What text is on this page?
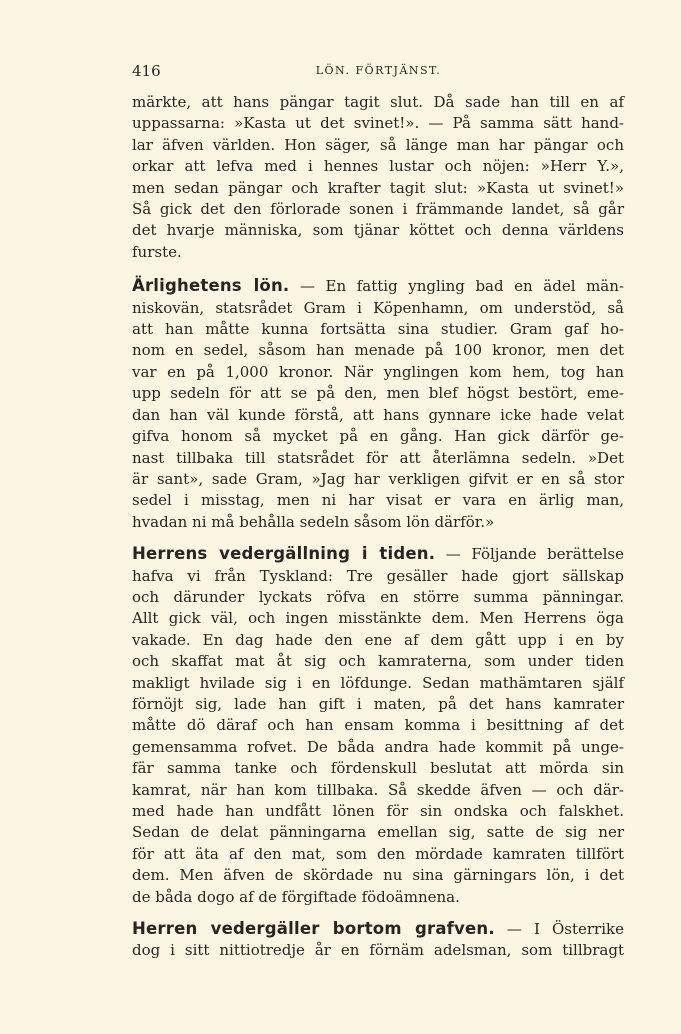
416	LÖN. FÖRTJÄNST.
märkte, att hans pängar tagit slut. Då sade han till en af
uppassarna: »Kasta ut det svinet!». — På samma sätt hand-
lar äfven världen. Hon säger, så länge man har pängar och
orkar att lefva med i hennes lustar och nöjen: »Herr Y.»,
men sedan pängar och krafter tagit slut: »Kasta ut svinet!»
Så gick det den förlorade sonen i främmande landet, så går
det hvarje människa, som tjänar köttet och denna världens
furste.
Ärlighetens lön. — En fattig yngling bad en ädel män-
niskovän, statsrådet Gram i Köpenhamn, om understöd, så
att han måtte kunna fortsätta sina studier. Gram gaf ho-
nom en sedel, såsom han menade på 100 kronor, men det
var en på 1,000 kronor. När ynglingen kom hem, tog han
upp sedeln för att se på den, men blef högst bestört, eme-
dan han väl kunde förstå, att hans gynnare icke hade velat
gifva honom så mycket på en gång. Han gick därför ge-
nast tillbaka till statsrådet för att återlämna sedeln. »Det
är sant», sade Gram, »Jag har verkligen gifvit er en så stor
sedel i misstag, men ni har visat er vara en ärlig man,
hvadan ni må behålla sedeln såsom lön därför.»
Herrens vedergällning i tiden. — Följande berättelse
hafva vi från Tyskland: Tre gesäller hade gjort sällskap
och därunder lyckats röfva en större summa pänningar.
Allt gick väl, och ingen misstänkte dem. Men Herrens öga
vakade. En dag hade den ene af dem gått upp i en by
och skaffat mat åt sig och kamraterna, som under tiden
makligt hvilade sig i en löfdunge. Sedan mathämtaren själf
förnöjt sig, lade han gift i maten, på det hans kamrater
måtte dö däraf och han ensam komma i besittning af det
gemensamma rofvet. De båda andra hade kommit på unge-
fär samma tanke och fördenskull beslutat att mörda sin
kamrat, när han kom tillbaka. Så skedde äfven — och där-
med hade han undfått lönen för sin ondska och falskhet.
Sedan de delat pänningarna emellan sig, satte de sig ner
för att äta af den mat, som den mördade kamraten tillfört
dem. Men äfven de skördade nu sina gärningars lön, i det
de båda dogo af de förgiftade födoämnena.
Herren vedergäller bortom grafven. — I Österrike
dog i sitt nittiotredje år en förnäm adelsman, som tillbragt
